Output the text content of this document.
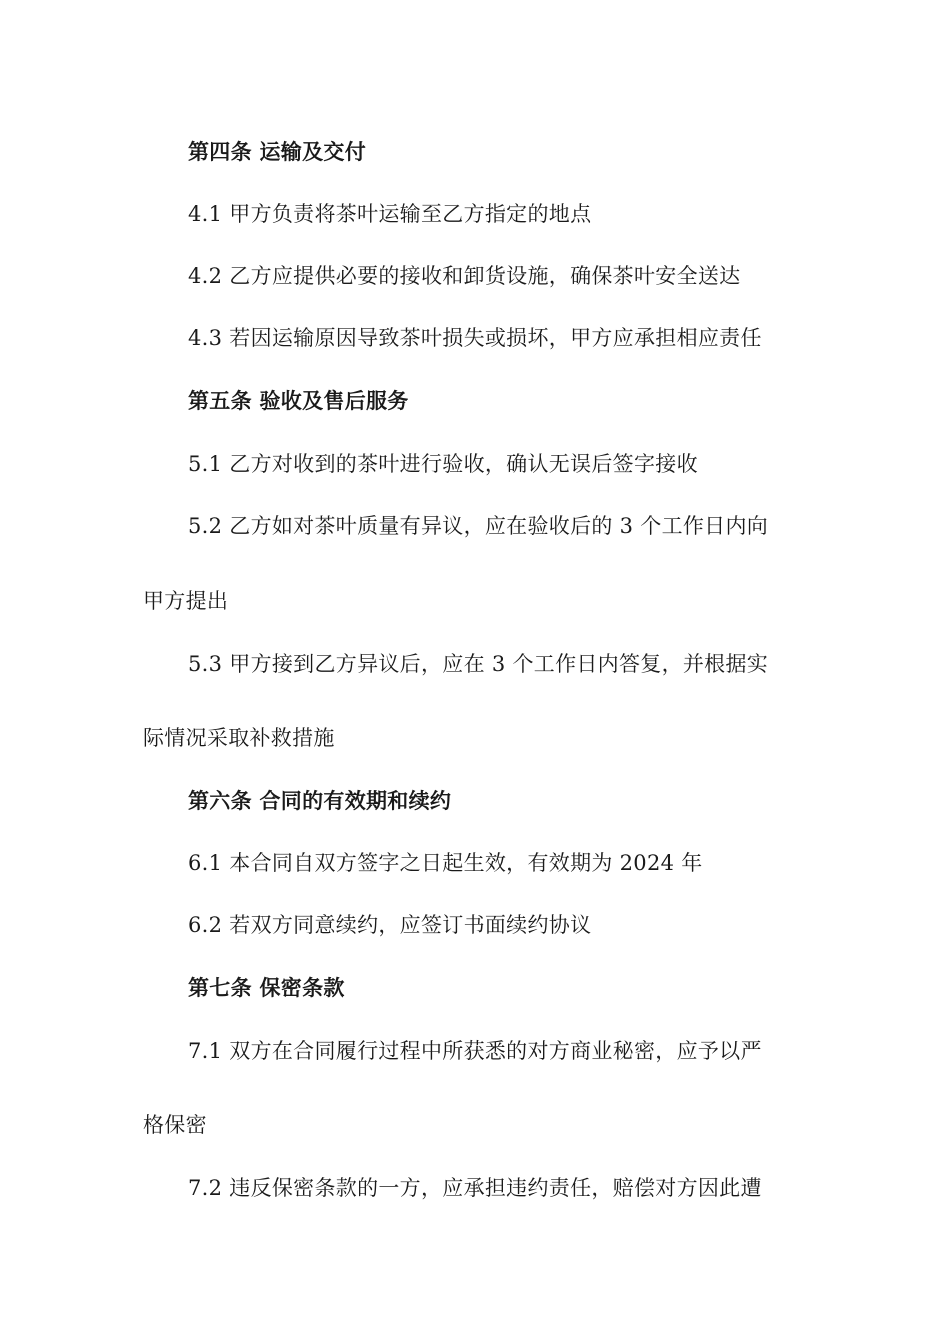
第四条 运输及交付

4.1 甲方负责将茶叶运输至乙方指定的地点

4.2 乙方应提供必要的接收和卸货设施，确保茶叶安全送达

4.3 若因运输原因导致茶叶损失或损坏，甲方应承担相应责任

第五条 验收及售后服务

5.1 乙方对收到的茶叶进行验收，确认无误后签字接收

5.2 乙方如对茶叶质量有异议，应在验收后的 3 个工作日内向

甲方提出

5.3 甲方接到乙方异议后，应在 3 个工作日内答复，并根据实

际情况采取补救措施

第六条 合同的有效期和续约

6.1 本合同自双方签字之日起生效，有效期为 2024 年

6.2 若双方同意续约，应签订书面续约协议

第七条 保密条款

7.1 双方在合同履行过程中所获悉的对方商业秘密，应予以严

格保密

7.2 违反保密条款的一方，应承担违约责任，赔偿对方因此遭
